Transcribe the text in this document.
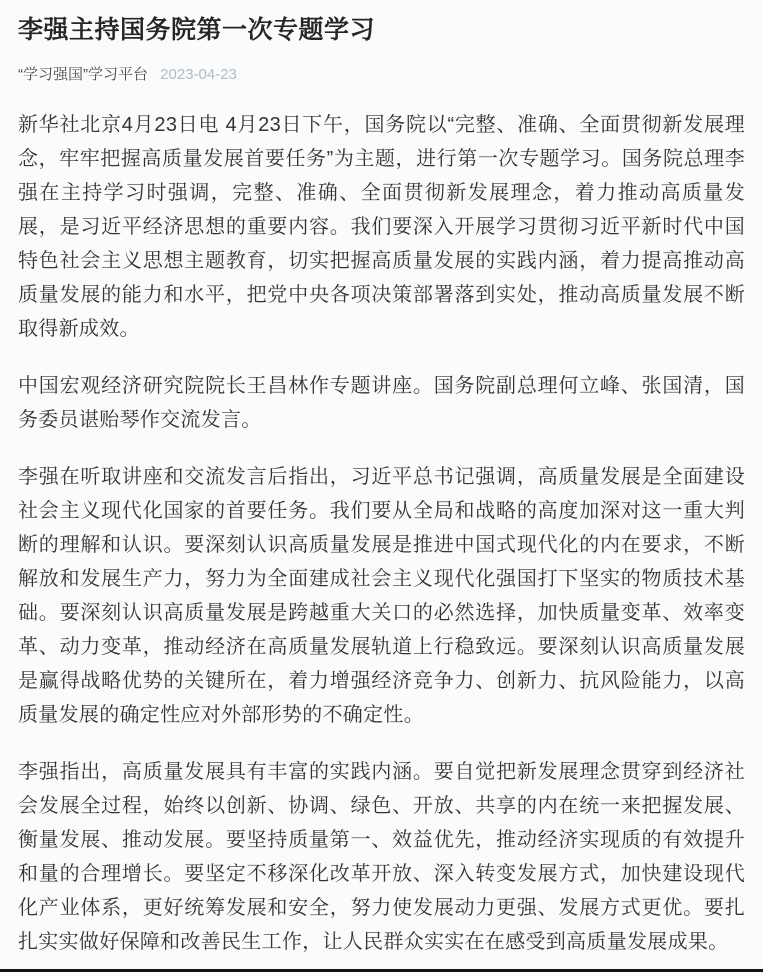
李强主持国务院第一次专题学习
“学习强国”学习平台 2023-04-23

新华社北京4月23日电 4月23日下午，国务院以“完整、准确、全面贯彻新发展理念，牢牢把握高质量发展首要任务”为主题，进行第一次专题学习。国务院总理李强在主持学习时强调，完整、准确、全面贯彻新发展理念，着力推动高质量发展，是习近平经济思想的重要内容。我们要深入开展学习贯彻习近平新时代中国特色社会主义思想主题教育，切实把握高质量发展的实践内涵，着力提高推动高质量发展的能力和水平，把党中央各项决策部署落到实处，推动高质量发展不断取得新成效。

中国宏观经济研究院院长王昌林作专题讲座。国务院副总理何立峰、张国清，国务委员谌贻琴作交流发言。

李强在听取讲座和交流发言后指出，习近平总书记强调，高质量发展是全面建设社会主义现代化国家的首要任务。我们要从全局和战略的高度加深对这一重大判断的理解和认识。要深刻认识高质量发展是推进中国式现代化的内在要求，不断解放和发展生产力，努力为全面建成社会主义现代化强国打下坚实的物质技术基础。要深刻认识高质量发展是跨越重大关口的必然选择，加快质量变革、效率变革、动力变革，推动经济在高质量发展轨道上行稳致远。要深刻认识高质量发展是赢得战略优势的关键所在，着力增强经济竞争力、创新力、抗风险能力，以高质量发展的确定性应对外部形势的不确定性。

李强指出，高质量发展具有丰富的实践内涵。要自觉把新发展理念贯穿到经济社会发展全过程，始终以创新、协调、绿色、开放、共享的内在统一来把握发展、衡量发展、推动发展。要坚持质量第一、效益优先，推动经济实现质的有效提升和量的合理增长。要坚定不移深化改革开放、深入转变发展方式，加快建设现代化产业体系，更好统筹发展和安全，努力使发展动力更强、发展方式更优。要扎扎实实做好保障和改善民生工作，让人民群众实实在在感受到高质量发展成果。
